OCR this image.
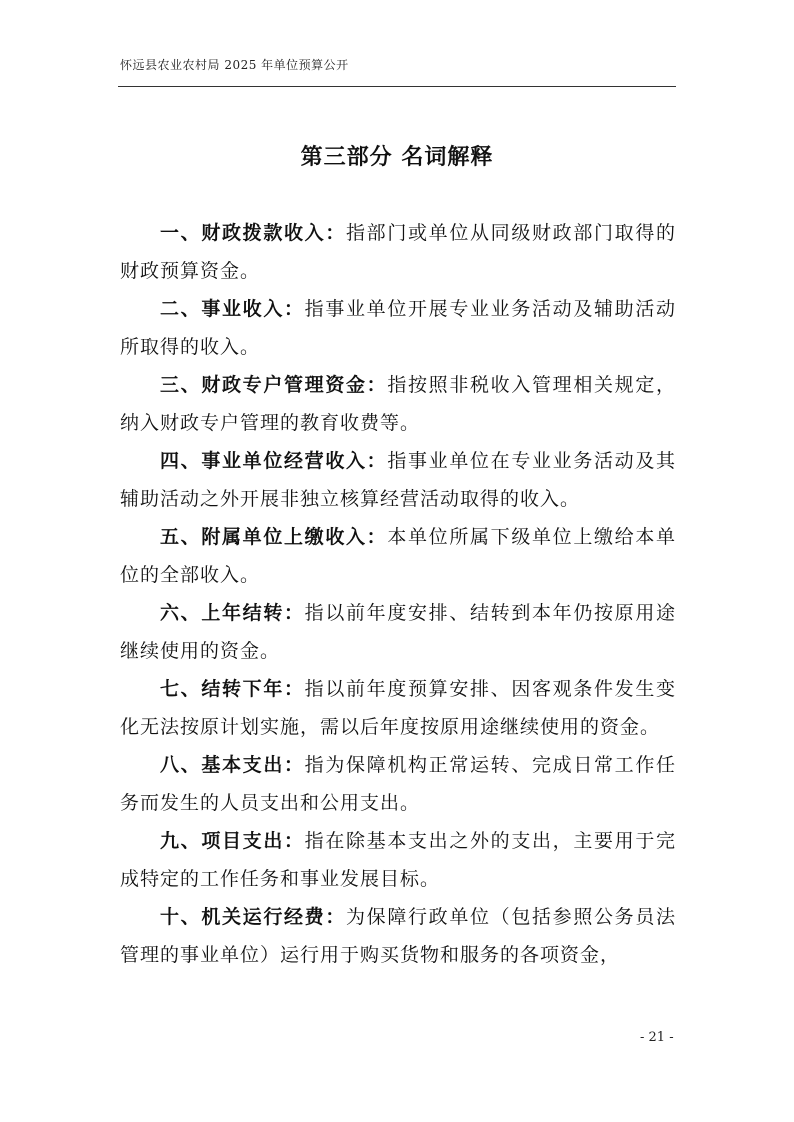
怀远县农业农村局 2025 年单位预算公开
第三部分 名词解释

一、财政拨款收入：指部门或单位从同级财政部门取得的财政预算资金。

二、事业收入：指事业单位开展专业业务活动及辅助活动所取得的收入。

三、财政专户管理资金：指按照非税收入管理相关规定，纳入财政专户管理的教育收费等。

四、事业单位经营收入：指事业单位在专业业务活动及其辅助活动之外开展非独立核算经营活动取得的收入。

五、附属单位上缴收入：本单位所属下级单位上缴给本单位的全部收入。

六、上年结转：指以前年度安排、结转到本年仍按原用途继续使用的资金。

七、结转下年：指以前年度预算安排、因客观条件发生变化无法按原计划实施，需以后年度按原用途继续使用的资金。

八、基本支出：指为保障机构正常运转、完成日常工作任务而发生的人员支出和公用支出。

九、项目支出：指在除基本支出之外的支出，主要用于完成特定的工作任务和事业发展目标。

十、机关运行经费：为保障行政单位（包括参照公务员法管理的事业单位）运行用于购买货物和服务的各项资金，

- 21 -
